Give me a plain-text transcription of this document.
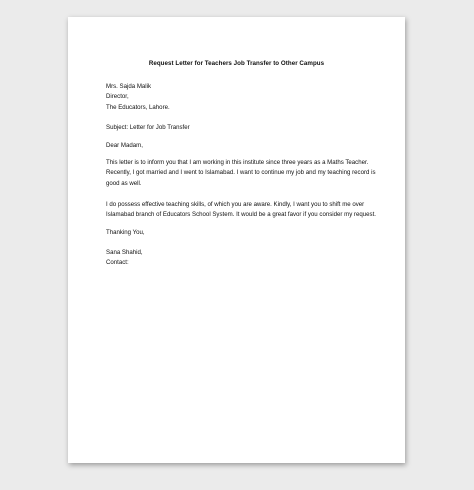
Request Letter for Teachers Job Transfer to Other Campus
Mrs. Sajda Malik
Director,
The Educators, Lahore.
Subject: Letter for Job Transfer
Dear Madam,
This letter is to inform you that I am working in this institute since three years as a Maths Teacher.
Recently, I got married and I went to Islamabad. I want to continue my job and my teaching record is
good as well.
I do possess effective teaching skills, of which you are aware. Kindly, I want you to shift me over
Islamabad branch of Educators School System. It would be a great favor if you consider my request.
Thanking You,
Sana Shahid,
Contact:
